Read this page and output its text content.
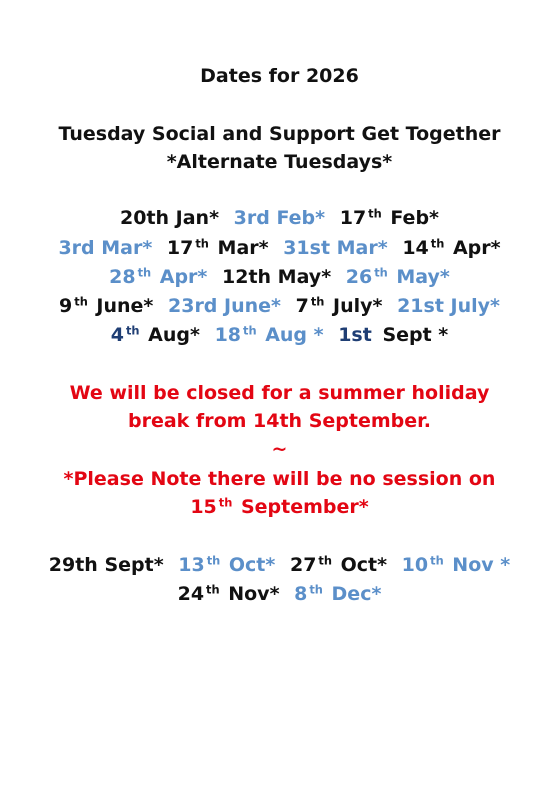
Dates for 2026
Tuesday Social and Support Get Together
*Alternate Tuesdays*
20th Jan* 3rd Feb* 17 $^{th}$ Feb*
3rd Mar* 17 $^{th}$ Mar* 31st Mar* 14 $^{th}$ Apr*
28 $^{th}$ Apr* 12th May* 26 $^{th}$ May*
9 $^{th}$ June* 23rd June* 7 $^{th}$ July* 21st July*
4 $^{th}$ Aug* 18 $^{th}$ Aug * 1st Sept *
We will be closed for a summer holiday
break from 14th September.
~
*Please Note there will be no session on
15 $^{th}$ September*
29th Sept* 13 $^{th}$ Oct* 27 $^{th}$ Oct* 10 $^{th}$ Nov *
24 $^{th}$ Nov* 8 $^{th}$ Dec*
